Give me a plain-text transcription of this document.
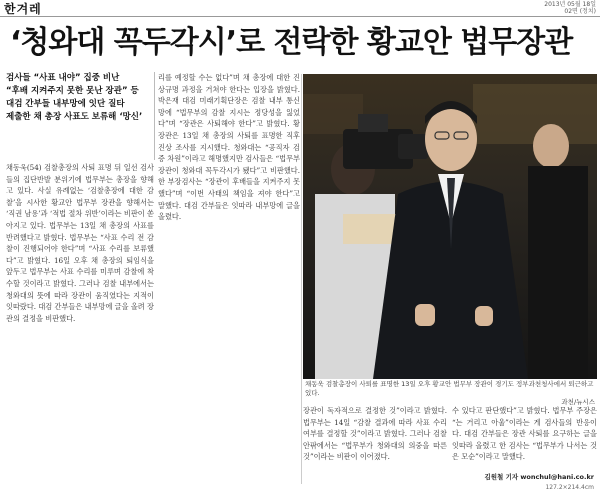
한겨레	2013년 05월 18일
02면 (정치)
‘청와대 꼭두각시’로 전락한 황교안 법무장관
검사들 “사표 내야” 집중 비난
“후배 지켜주지 못한 못난 장관” 등
대검 간부들 내부망에 잇단 질타
제출한 채 총장 사표도 보류해 ‘망신’

채동욱(54) 검찰총장의 사퇴 표명 뒤 일선 검사들의 집단반발 분위기에 법무부는 총장을 향해 고 있다. 사실 유례없는 ‘검찰총장에 대한 감찰’을 시사한 황교안 법무부 장관을 향해서는 ‘직권 남용’과 ‘적법 절차 위반’이라는 비판이 쏟아지고 있다. 법무부는 13일 채 총장의 사표를 반려했다고 밝혔다. 법무부는 “사표 수리 전 감찰이 진행되어야 한다”며 “사표 수리를 보류했다”고 밝혔다. 16일 오후 채 총장의 퇴임식을 앞두고 법무부는 사표 수리를 미루며 감찰에 착수할 것이라고 밝혔다. 그러나 검찰 내부에서는 청와대의 뜻에 따라 장관이 움직였다는 지적이 잇따랐다. 대검 간부들은 내부망에 글을 올려 장관의 결정을 비판했다.

리를 예정할 수는 없다”며 채 총장에 대한 진상규명 과정을 거쳐야 한다는 입장을 밝혔다. 박은재 대검 미래기획단장은 검찰 내부 통신망에 “법무부의 감찰 지시는 정당성을 잃었다”며 “장관은 사퇴해야 한다”고 밝혔다. 황 장관은 13일 채 총장의 사퇴를 표명한 직후 진상 조사를 지시했다. 청와대는 “공직자 검증 차원”이라고 해명했지만 검사들은 “법무부 장관이 청와대 꼭두각시가 됐다”고 비판했다. 한 부장검사는 “장관이 후배들을 지켜주지 못했다”며 “이번 사태의 책임을 져야 한다”고 말했다. 대검 간부들은 잇따라 내부망에 글을 올렸다.

채동욱 검찰총장이 사퇴를 표명한 13일 오후 황교안 법무부 장관이 경기도 정부과천청사에서 퇴근하고 있다.
과천/뉴시스

장관이 독자적으로 결정한 것”이라고 밝혔다. 법무부는 14일 “감찰 결과에 따라 사표 수리 여부를 결정할 것”이라고 밝혔다. 그러나 검찰 안팎에서는 “법무부가 청와대의 의중을 따른 것”이라는 비판이 이어졌다.

수 있다고 판단했다”고 밝혔다. 법무부 주장은 “는 거리고 아울”이라는 게 검사들의 반응이다. 대검 간부들은 장관 사퇴를 요구하는 글을 잇따라 올렸고 한 검사는 “법무부가 나서는 것은 모순”이라고 말했다.

김원철 기자 wonchul@hani.co.kr
127.2×214.4cm
